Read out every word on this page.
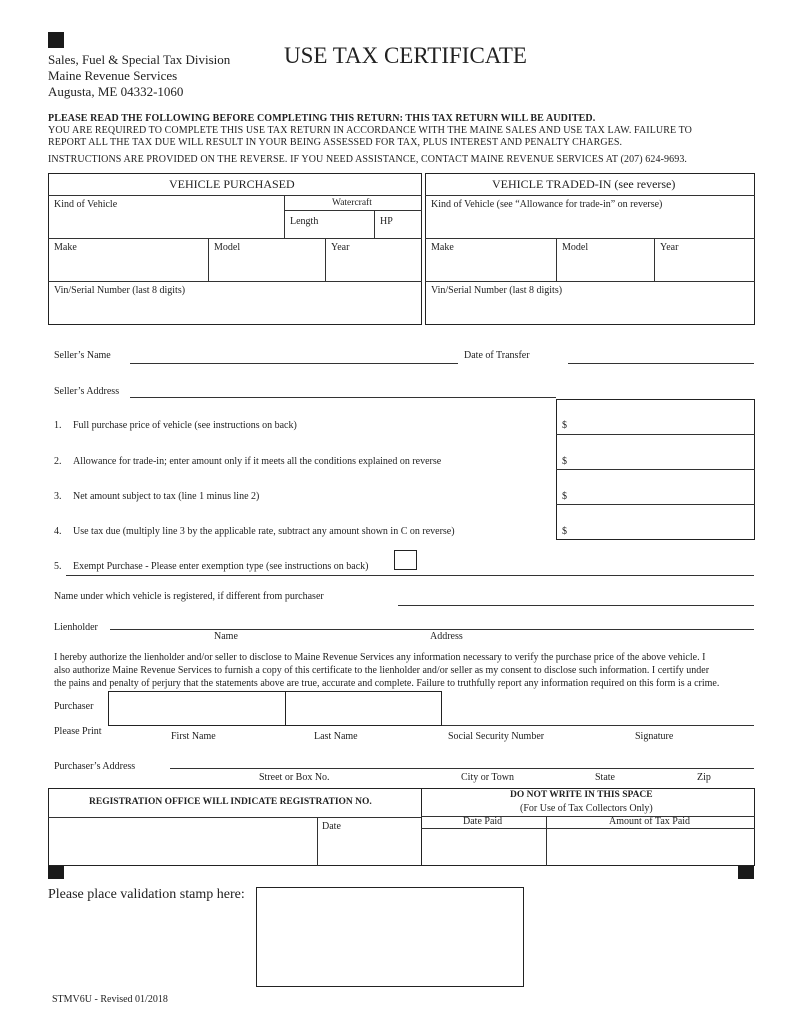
Sales, Fuel & Special Tax Division
Maine Revenue Services
Augusta, ME 04332-1060
USE TAX CERTIFICATE
PLEASE READ THE FOLLOWING BEFORE COMPLETING THIS RETURN: THIS TAX RETURN WILL BE AUDITED.
YOU ARE REQUIRED TO COMPLETE THIS USE TAX RETURN IN ACCORDANCE WITH THE MAINE SALES AND USE TAX LAW. FAILURE TO
REPORT ALL THE TAX DUE WILL RESULT IN YOUR BEING ASSESSED FOR TAX, PLUS INTEREST AND PENALTY CHARGES.
INSTRUCTIONS ARE PROVIDED ON THE REVERSE. IF YOU NEED ASSISTANCE, CONTACT MAINE REVENUE SERVICES AT (207) 624-9693.
VEHICLE PURCHASED
Kind of Vehicle	Watercraft
Length	HP
Make	Model	Year
Vin/Serial Number (last 8 digits)
VEHICLE TRADED-IN (see reverse)
Kind of Vehicle (see “Allowance for trade-in” on reverse)
Make	Model	Year
Vin/Serial Number (last 8 digits)
Seller’s Name	Date of Transfer
Seller’s Address
1. Full purchase price of vehicle (see instructions on back)	$
2. Allowance for trade-in; enter amount only if it meets all the conditions explained on reverse	$
3. Net amount subject to tax (line 1 minus line 2)	$
4. Use tax due (multiply line 3 by the applicable rate, subtract any amount shown in C on reverse)	$
5. Exempt Purchase - Please enter exemption type (see instructions on back)
Name under which vehicle is registered, if different from purchaser
Lienholder
Name	Address
I hereby authorize the lienholder and/or seller to disclose to Maine Revenue Services any information necessary to verify the purchase price of the above vehicle. I
also authorize Maine Revenue Services to furnish a copy of this certificate to the lienholder and/or seller as my consent to disclose such information. I certify under
the pains and penalty of perjury that the statements above are true, accurate and complete. Failure to truthfully report any information required on this form is a crime.
Purchaser
Please Print	First Name	Last Name	Social Security Number	Signature
Purchaser’s Address
Street or Box No.	City or Town	State	Zip
REGISTRATION OFFICE WILL INDICATE REGISTRATION NO.
Date
DO NOT WRITE IN THIS SPACE
(For Use of Tax Collectors Only)
Date Paid	Amount of Tax Paid
Please place validation stamp here:
STMV6U - Revised 01/2018
